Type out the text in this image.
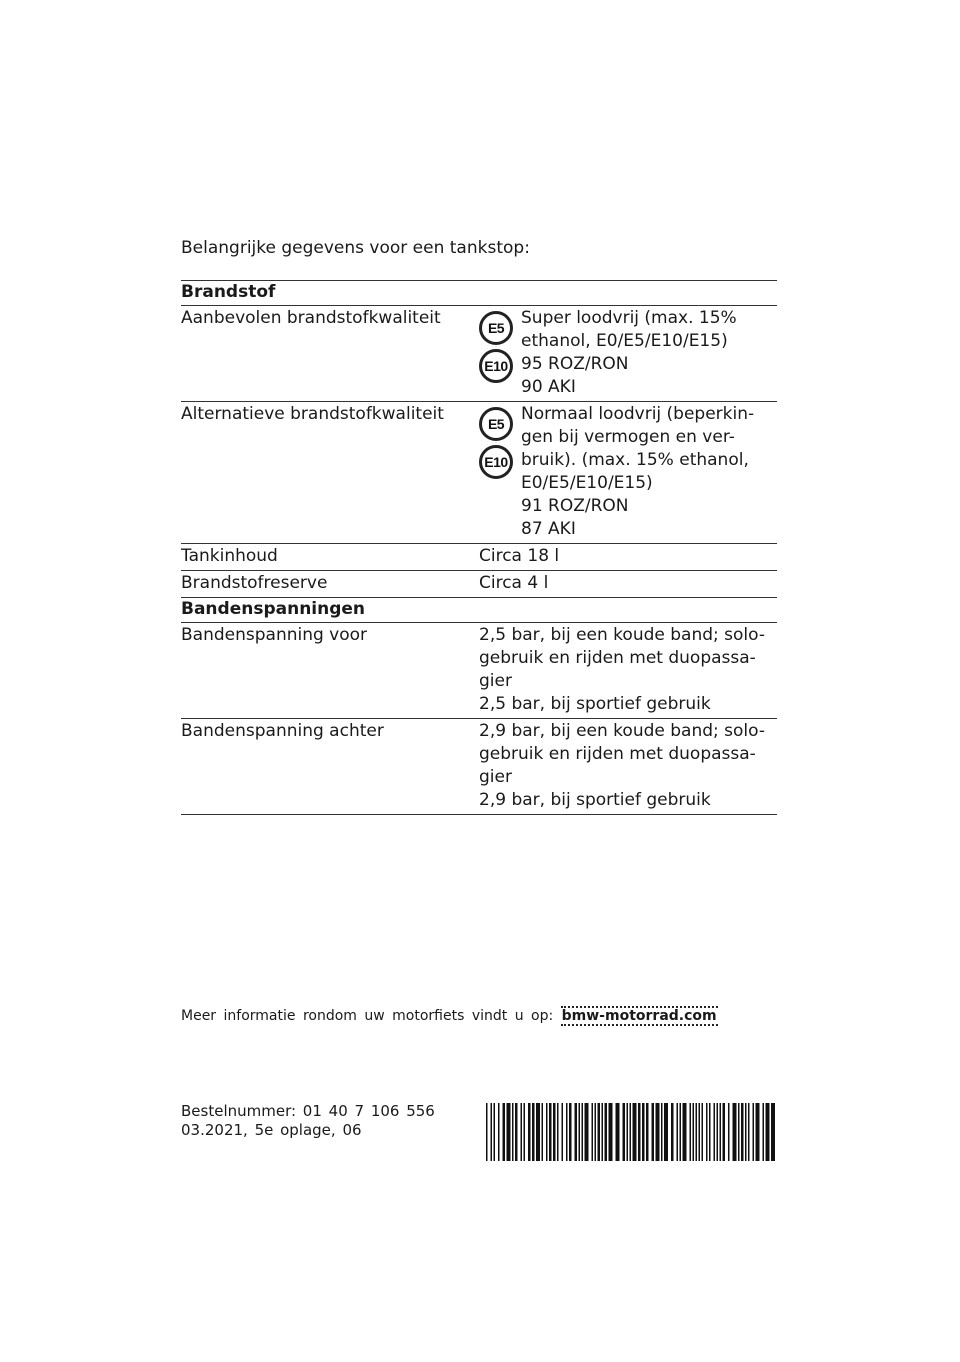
Belangrijke gegevens voor een tankstop:
Brandstof
Aanbevolen brandstofkwaliteit	E5
E10
Super loodvrij (max. 15%
ethanol, E0/E5/E10/E15)
95 ROZ/RON
90 AKI
Alternatieve brandstofkwaliteit	E5
E10
Normaal loodvrij (beperkin-
gen bij vermogen en ver-
bruik). (max. 15% ethanol,
E0/E5/E10/E15)
91 ROZ/RON
87 AKI
Tankinhoud	Circa 18 l
Brandstofreserve	Circa 4 l
Bandenspanningen
Bandenspanning voor	2,5 bar, bij een koude band; solo-
gebruik en rijden met duopassa-
gier
2,5 bar, bij sportief gebruik
Bandenspanning achter	2,9 bar, bij een koude band; solo-
gebruik en rijden met duopassa-
gier
2,9 bar, bij sportief gebruik
Meer informatie rondom uw motorfiets vindt u op: bmw-motorrad.com
Bestelnummer: 01 40 7 106 556
03.2021, 5e oplage, 06
